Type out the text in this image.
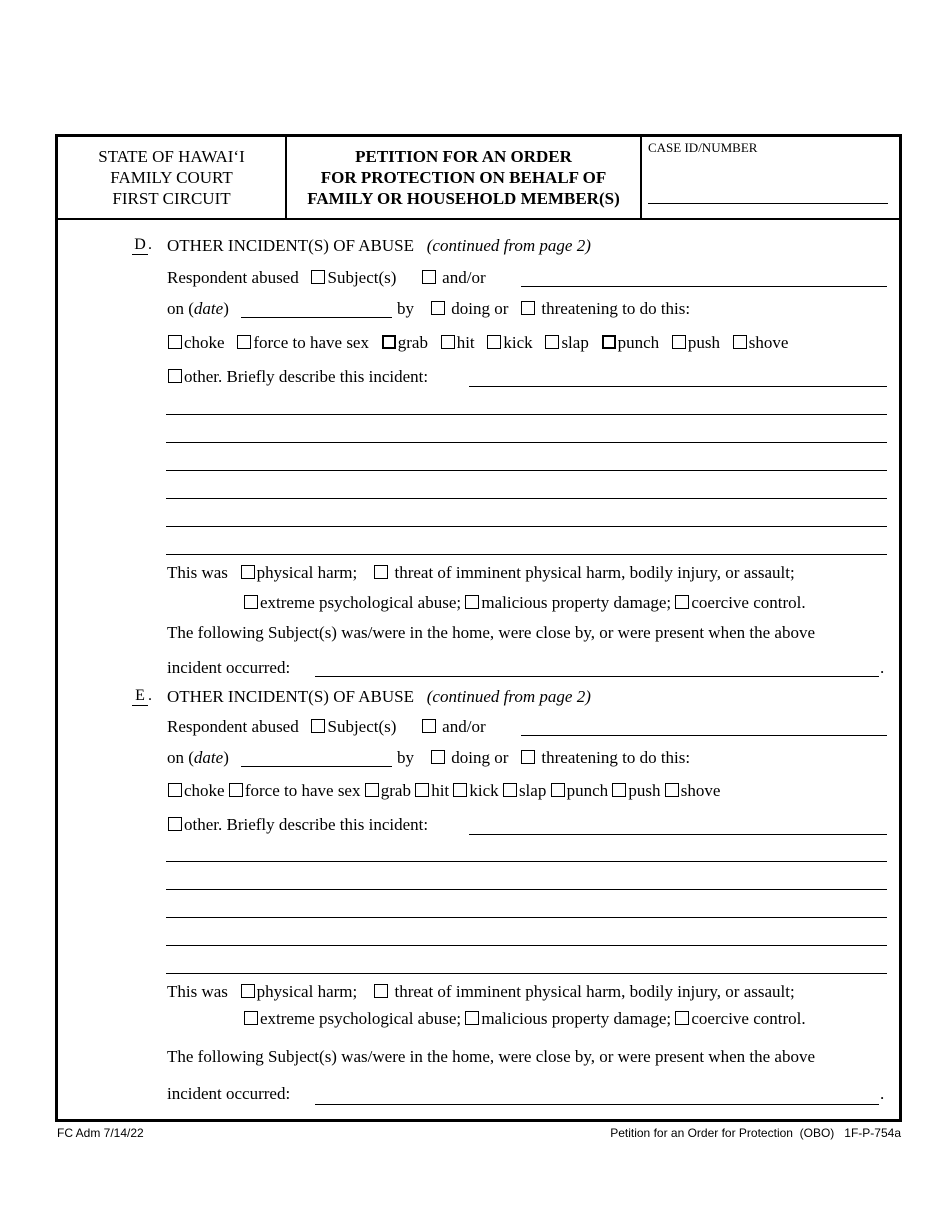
STATE OF HAWAI‘I
FAMILY COURT
FIRST CIRCUIT
PETITION FOR AN ORDER
FOR PROTECTION ON BEHALF OF
FAMILY OR HOUSEHOLD MEMBER(S)
CASE ID/NUMBER
D . OTHER INCIDENT(S) OF ABUSE (continued from page 2)
Respondent abused Subject(s)	and/or
on (date)	by doing or threatening to do this:
choke force to have sex grab hit kick slap punch push shove
other. Briefly describe this incident:
This was physical harm; threat of imminent physical harm, bodily injury, or assault;
extreme psychological abuse; malicious property damage; coercive control.
The following Subject(s) was/were in the home, were close by, or were present when the above
incident occurred:	.
E . OTHER INCIDENT(S) OF ABUSE (continued from page 2)
Respondent abused Subject(s)	and/or
on (date)	by doing or threatening to do this:
choke force to have sex grab hit kick slap punch push shove
other. Briefly describe this incident:
This was physical harm; threat of imminent physical harm, bodily injury, or assault;
extreme psychological abuse; malicious property damage; coercive control.
The following Subject(s) was/were in the home, were close by, or were present when the above
incident occurred:	.
FC Adm 7/14/22	Petition for an Order for Protection  (OBO)   1F-P-754a
